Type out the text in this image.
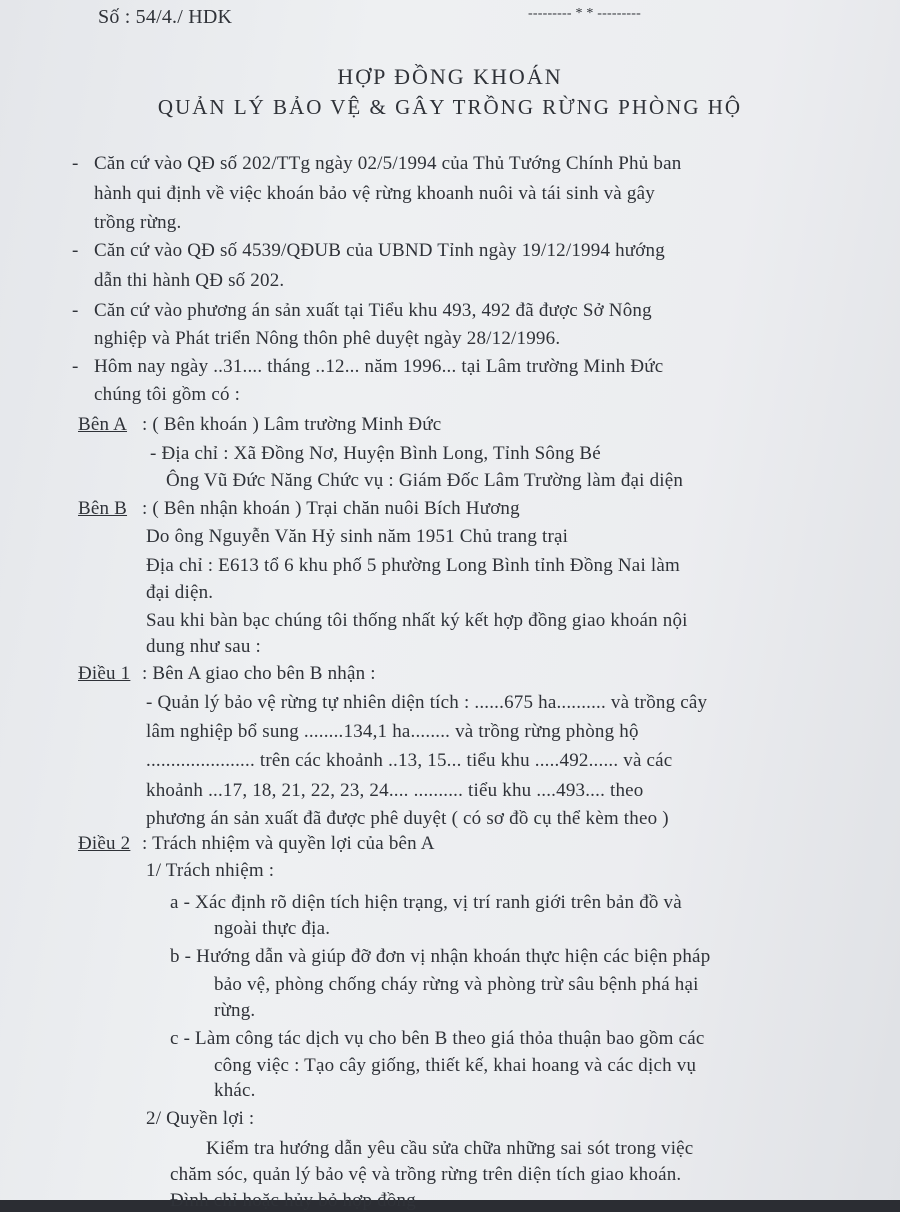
Số : 54/4./ HDK	--------- * * ---------
HỢP ĐỒNG KHOÁN
QUẢN LÝ BẢO VỆ & GÂY TRỒNG RỪNG PHÒNG HỘ
- Căn cứ vào QĐ số 202/TTg ngày 02/5/1994 của Thủ Tướng Chính Phủ ban
hành qui định về việc khoán bảo vệ rừng khoanh nuôi và tái sinh và gây
trồng rừng.
- Căn cứ vào QĐ số 4539/QĐUB của UBND Tỉnh ngày 19/12/1994 hướng
dẫn thi hành QĐ số 202.
- Căn cứ vào phương án sản xuất tại Tiểu khu 493, 492 đã được Sở Nông
nghiệp và Phát triển Nông thôn phê duyệt ngày 28/12/1996.
- Hôm nay ngày ..31.... tháng ..12... năm 1996... tại Lâm trường Minh Đức
chúng tôi gồm có :
Bên A : ( Bên khoán ) Lâm trường Minh Đức
- Địa chỉ : Xã Đồng Nơ, Huyện Bình Long, Tỉnh Sông Bé
Ông Vũ Đức Năng Chức vụ : Giám Đốc Lâm Trường làm đại diện
Bên B : ( Bên nhận khoán ) Trại chăn nuôi Bích Hương
Do ông Nguyễn Văn Hỷ sinh năm 1951 Chủ trang trại
Địa chỉ : E613 tổ 6 khu phố 5 phường Long Bình tỉnh Đồng Nai làm
đại diện.
Sau khi bàn bạc chúng tôi thống nhất ký kết hợp đồng giao khoán nội
dung như sau :
Điều 1 : Bên A giao cho bên B nhận :
- Quản lý bảo vệ rừng tự nhiên diện tích : ......675 ha.......... và trồng cây
lâm nghiệp bổ sung ........134,1 ha........ và trồng rừng phòng hộ
...................... trên các khoảnh ..13, 15... tiểu khu .....492...... và các
khoảnh ...17, 18, 21, 22, 23, 24.... .......... tiểu khu ....493.... theo
phương án sản xuất đã được phê duyệt ( có sơ đồ cụ thể kèm theo )
Điều 2 : Trách nhiệm và quyền lợi của bên A
1/ Trách nhiệm :
a - Xác định rõ diện tích hiện trạng, vị trí ranh giới trên bản đồ và
ngoài thực địa.
b - Hướng dẫn và giúp đỡ đơn vị nhận khoán thực hiện các biện pháp
bảo vệ, phòng chống cháy rừng và phòng trừ sâu bệnh phá hại
rừng.
c - Làm công tác dịch vụ cho bên B theo giá thỏa thuận bao gồm các
công việc : Tạo cây giống, thiết kế, khai hoang và các dịch vụ
khác.
2/ Quyền lợi :
Kiểm tra hướng dẫn yêu cầu sửa chữa những sai sót trong việc
chăm sóc, quản lý bảo vệ và trồng rừng trên diện tích giao khoán.
Đình chỉ hoặc hủy bỏ hợp đồng
